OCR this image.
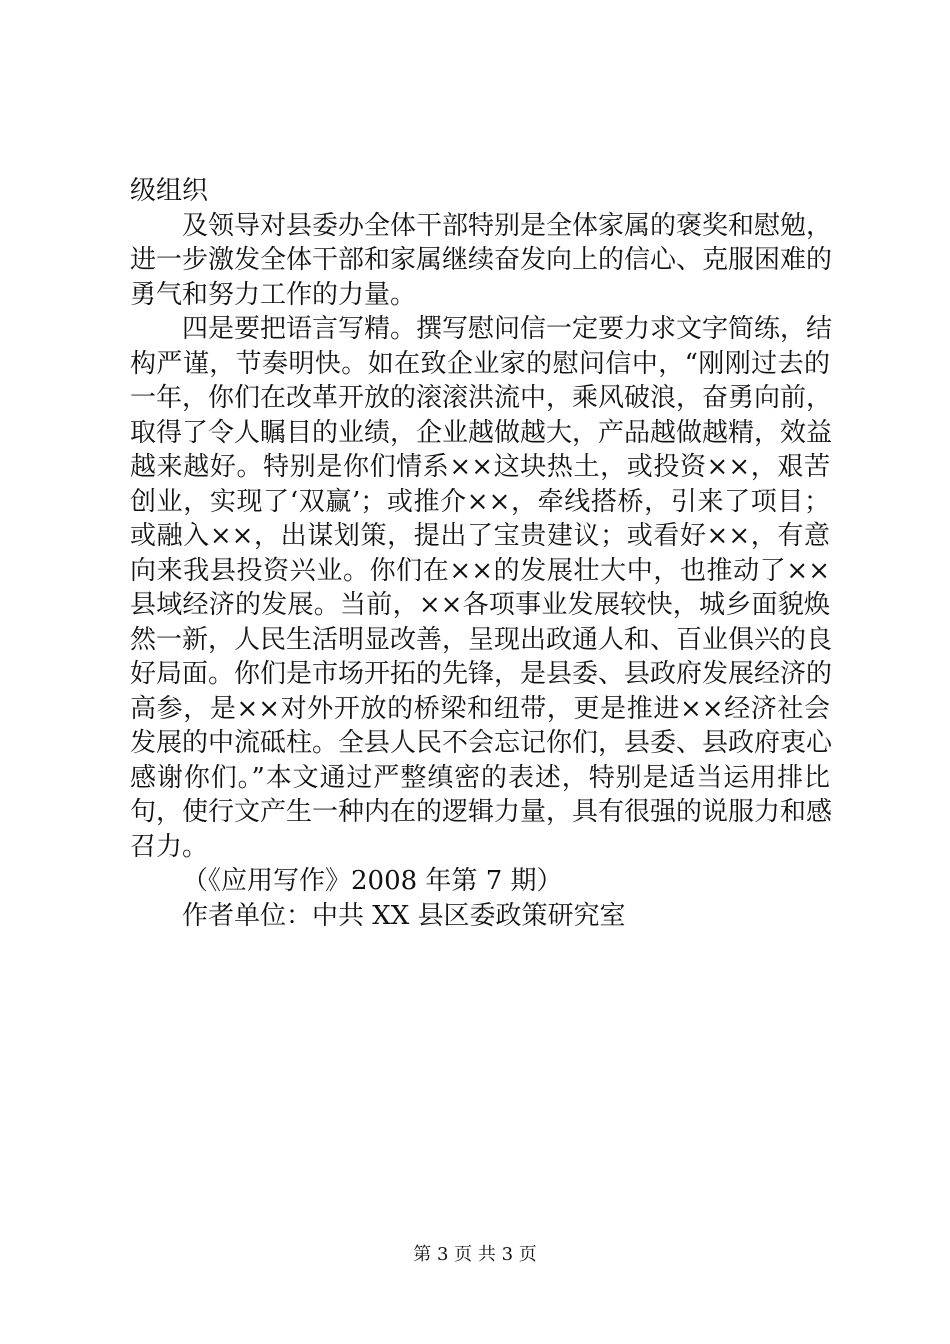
级组织
及领导对县委办全体干部特别是全体家属的褒奖和慰勉，
进一步激发全体干部和家属继续奋发向上的信心、克服困难的
勇气和努力工作的力量。
四是要把语言写精。撰写慰问信一定要力求文字简练，结
构严谨，节奏明快。如在致企业家的慰问信中，“刚刚过去的
一年，你们在改革开放的滚滚洪流中，乘风破浪，奋勇向前，
取得了令人瞩目的业绩，企业越做越大，产品越做越精，效益
越来越好。特别是你们情系××这块热土，或投资××，艰苦
创业，实现了‘双赢’；或推介××，牵线搭桥，引来了项目；
或融入××，出谋划策，提出了宝贵建议；或看好××，有意
向来我县投资兴业。你们在××的发展壮大中，也推动了××
县域经济的发展。当前，××各项事业发展较快，城乡面貌焕
然一新，人民生活明显改善，呈现出政通人和、百业俱兴的良
好局面。你们是市场开拓的先锋，是县委、县政府发展经济的
高参，是××对外开放的桥梁和纽带，更是推进××经济社会
发展的中流砥柱。全县人民不会忘记你们，县委、县政府衷心
感谢你们。”本文通过严整缜密的表述，特别是适当运用排比
句，使行文产生一种内在的逻辑力量，具有很强的说服力和感
召力。
（《应用写作》2008 年第 7 期）
作者单位：中共 XX 县区委政策研究室
第 3 页 共 3 页
